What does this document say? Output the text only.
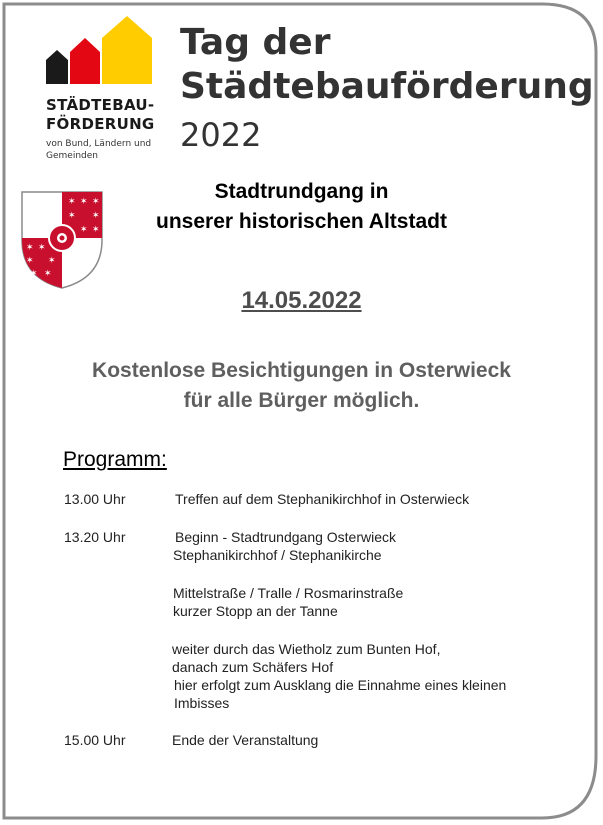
STÄDTEBAU-
FÖRDERUNG
von Bund, Ländern und
Gemeinden
Tag der
Städtebauförderung
2022
✶ ✶ ✶
✶ ✶
✶ ✶
✶ ✶
✶ ✶
✶ ✶
Stadtrundgang in
unserer historischen Altstadt
14.05.2022
Kostenlose Besichtigungen in Osterwieck
für alle Bürger möglich.
Programm:
13.00 Uhr	Treffen auf dem Stephanikirchhof in Osterwieck
13.20 Uhr	Beginn - Stadtrundgang Osterwieck
Stephanikirchhof / Stephanikirche
Mittelstraße / Tralle / Rosmarinstraße
kurzer Stopp an der Tanne
weiter durch das Wietholz zum Bunten Hof,
danach zum Schäfers Hof
hier erfolgt zum Ausklang die Einnahme eines kleinen
Imbisses
15.00 Uhr	Ende der Veranstaltung
